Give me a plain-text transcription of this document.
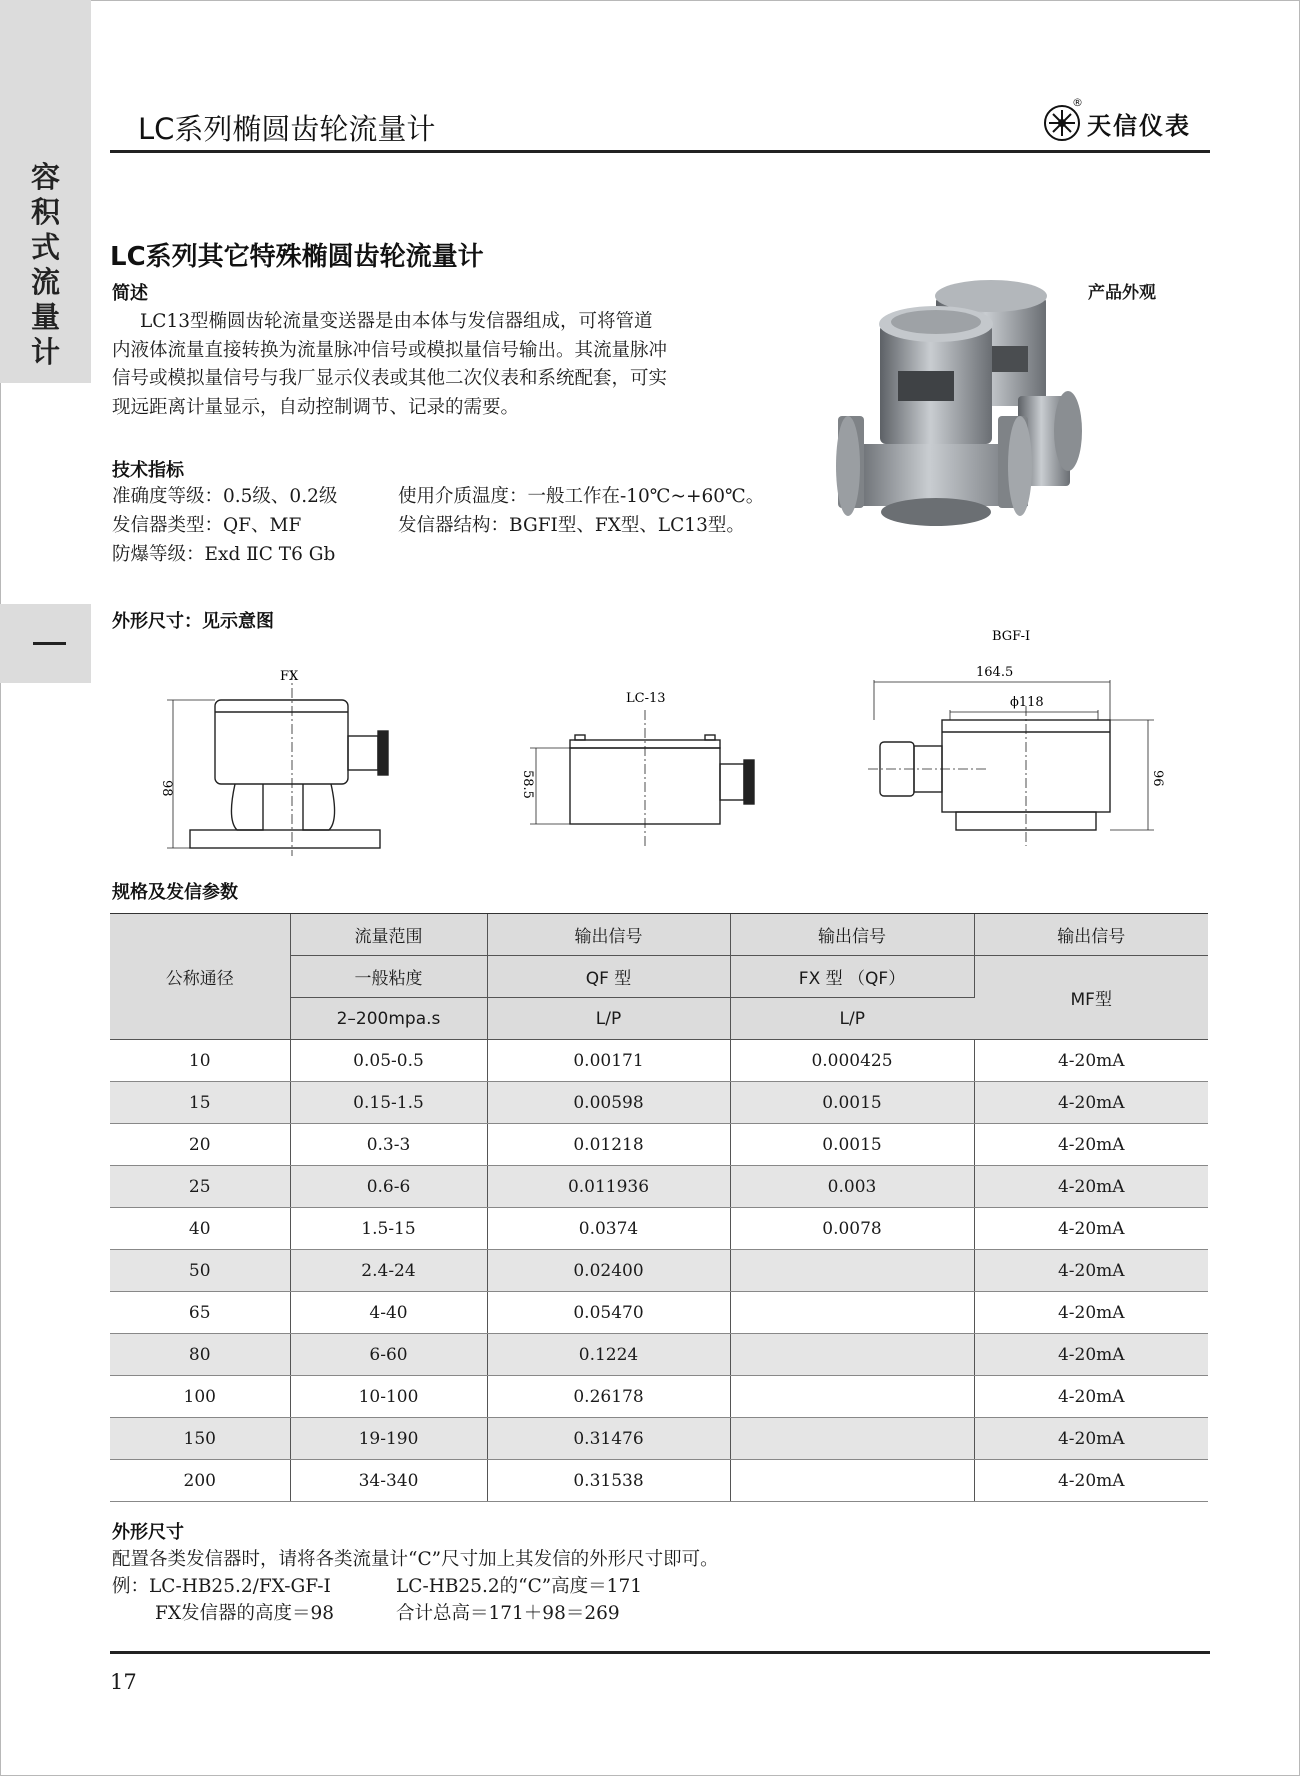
容
积
式
流
量
计
LC系列椭圆齿轮流量计
®
天信仪表
LC系列其它特殊椭圆齿轮流量计
简述
LC13型椭圆齿轮流量变送器是由本体与发信器组成，可将管道
内液体流量直接转换为流量脉冲信号或模拟量信号输出。其流量脉冲
信号或模拟量信号与我厂显示仪表或其他二次仪表和系统配套，可实
现远距离计量显示，自动控制调节、记录的需要。
产品外观
技术指标
准确度等级：0.5级、0.2级	使用介质温度：一般工作在-10℃~+60℃。
发信器类型：QF、MF	发信器结构：BGFI型、FX型、LC13型。
防爆等级：Exd ⅡC T6 Gb
外形尺寸：见示意图
FX
98
LC-13
58.5
BGF-I
164.5
ϕ118
96
规格及发信参数
公称通径	流量范围	输出信号	输出信号	输出信号
	一般粘度	QF 型	FX 型 （QF）	MF型
	2–200mpa.s	L/P	L/P	
10	0.05-0.5	0.00171	0.000425	4-20mA
15	0.15-1.5	0.00598	0.0015	4-20mA
20	0.3-3	0.01218	0.0015	4-20mA
25	0.6-6	0.011936	0.003	4-20mA
40	1.5-15	0.0374	0.0078	4-20mA
50	2.4-24	0.02400		4-20mA
65	4-40	0.05470		4-20mA
80	6-60	0.1224		4-20mA
100	10-100	0.26178		4-20mA
150	19-190	0.31476		4-20mA
200	34-340	0.31538		4-20mA
外形尺寸
配置各类发信器时，请将各类流量计“C”尺寸加上其发信的外形尺寸即可。
例：LC-HB25.2/FX-GF-I	LC-HB25.2的“C”高度＝171
FX发信器的高度＝98	合计总高＝171＋98＝269
17
